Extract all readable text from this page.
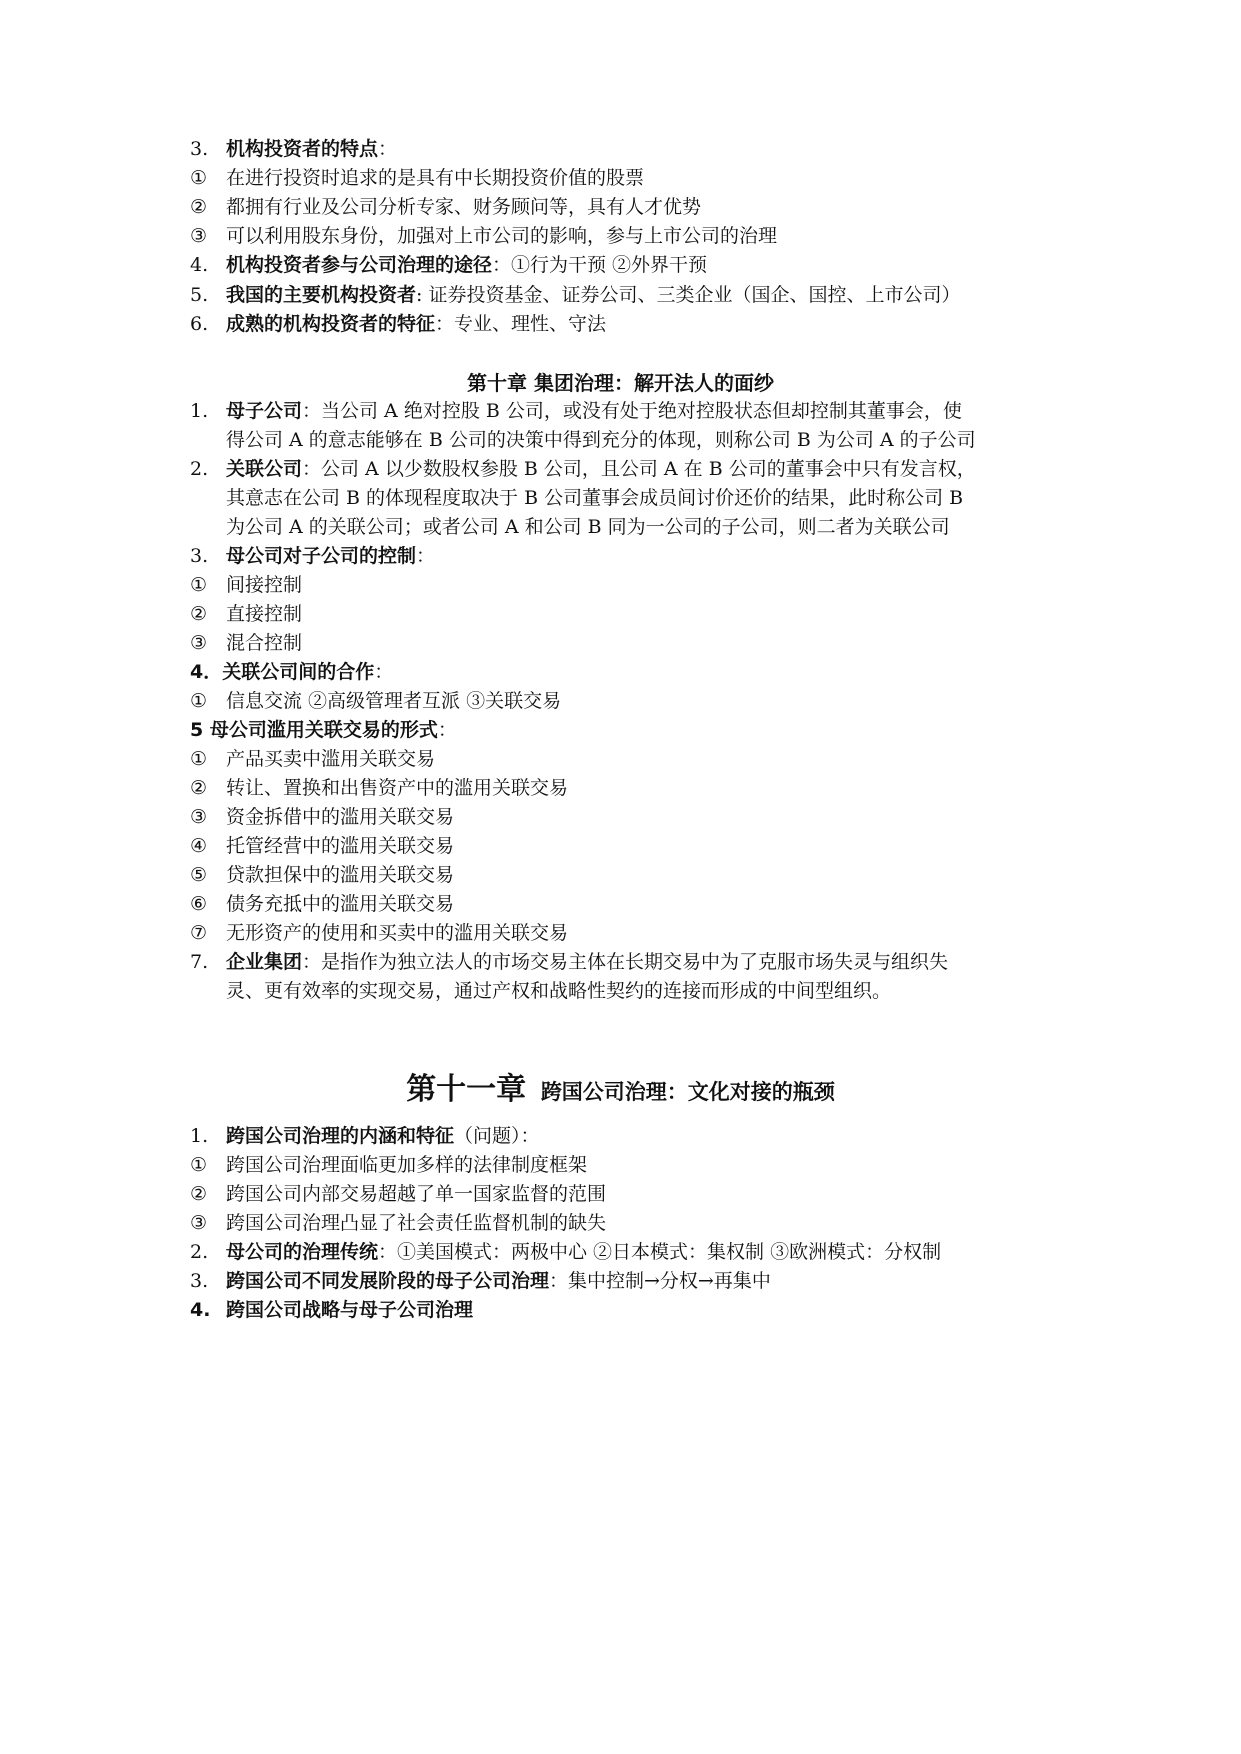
3. 机构投资者的特点：
① 在进行投资时追求的是具有中长期投资价值的股票
② 都拥有行业及公司分析专家、财务顾问等，具有人才优势
③ 可以利用股东身份，加强对上市公司的影响，参与上市公司的治理
4. 机构投资者参与公司治理的途径：①行为干预 ②外界干预
5. 我国的主要机构投资者: 证券投资基金、证券公司、三类企业（国企、国控、上市公司）
6. 成熟的机构投资者的特征：专业、理性、守法
第十章 集团治理：解开法人的面纱
1. 母子公司：当公司 A 绝对控股 B 公司，或没有处于绝对控股状态但却控制其董事会，使
得公司 A 的意志能够在 B 公司的决策中得到充分的体现，则称公司 B 为公司 A 的子公司
2. 关联公司：公司 A 以少数股权参股 B 公司，且公司 A 在 B 公司的董事会中只有发言权，
其意志在公司 B 的体现程度取决于 B 公司董事会成员间讨价还价的结果，此时称公司 B
为公司 A 的关联公司；或者公司 A 和公司 B 同为一公司的子公司，则二者为关联公司
3. 母公司对子公司的控制：
① 间接控制
② 直接控制
③ 混合控制
4．关联公司间的合作：
① 信息交流 ②高级管理者互派 ③关联交易
5 母公司滥用关联交易的形式：
① 产品买卖中滥用关联交易
② 转让、置换和出售资产中的滥用关联交易
③ 资金拆借中的滥用关联交易
④ 托管经营中的滥用关联交易
⑤ 贷款担保中的滥用关联交易
⑥ 债务充抵中的滥用关联交易
⑦ 无形资产的使用和买卖中的滥用关联交易
7. 企业集团：是指作为独立法人的市场交易主体在长期交易中为了克服市场失灵与组织失
灵、更有效率的实现交易，通过产权和战略性契约的连接而形成的中间型组织。
第十一章 跨国公司治理：文化对接的瓶颈
1. 跨国公司治理的内涵和特征（问题）：
① 跨国公司治理面临更加多样的法律制度框架
② 跨国公司内部交易超越了单一国家监督的范围
③ 跨国公司治理凸显了社会责任监督机制的缺失
2. 母公司的治理传统：①美国模式：两极中心 ②日本模式：集权制 ③欧洲模式：分权制
3. 跨国公司不同发展阶段的母子公司治理：集中控制→分权→再集中
4. 跨国公司战略与母子公司治理
